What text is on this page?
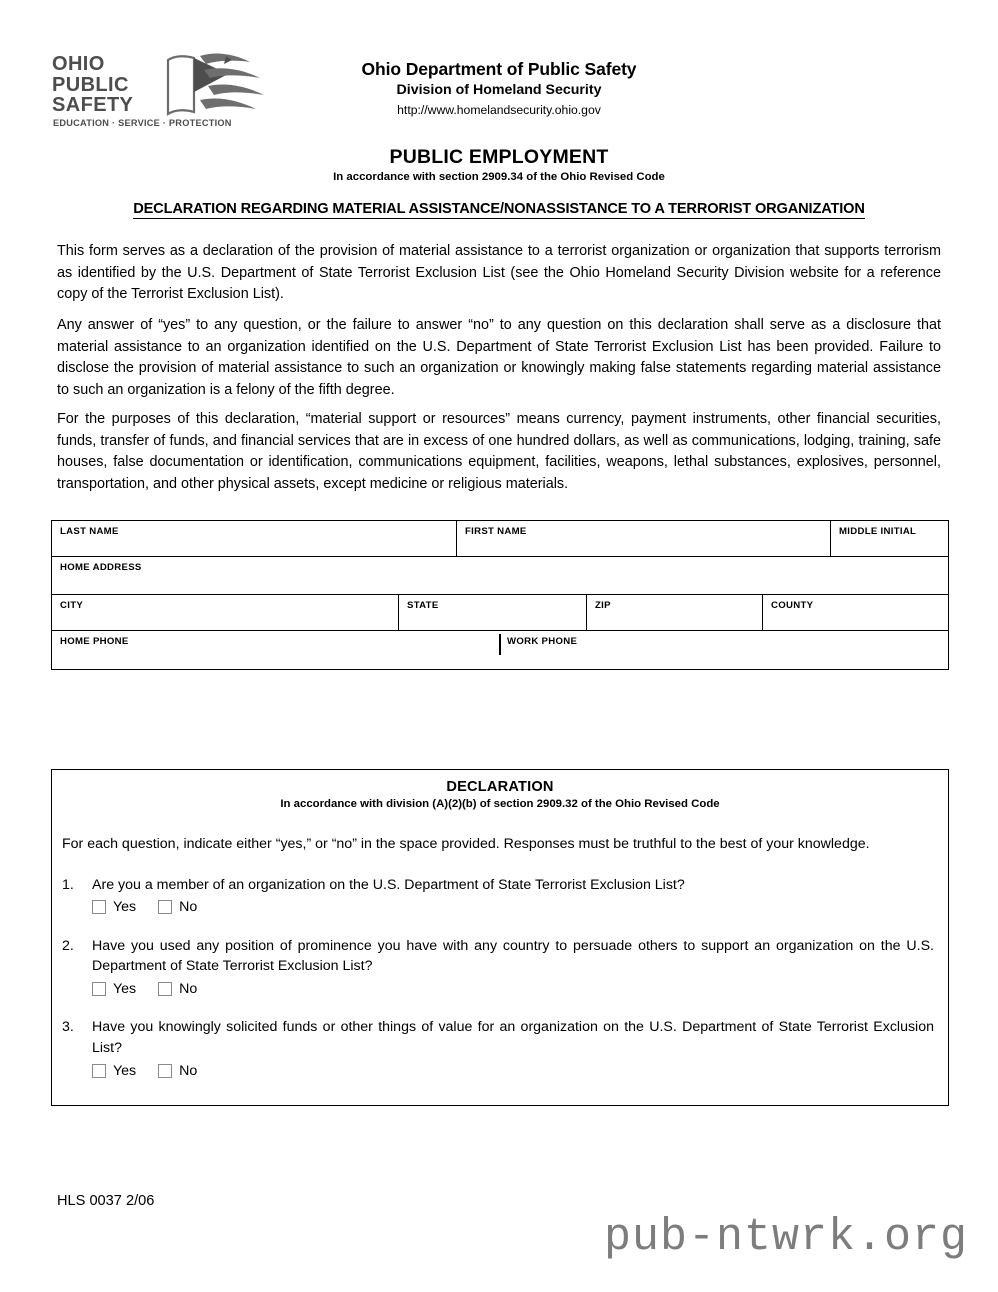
OHIO
PUBLIC
SAFETY
EDUCATION · SERVICE · PROTECTION
Ohio Department of Public Safety
Division of Homeland Security
http://www.homelandsecurity.ohio.gov
PUBLIC EMPLOYMENT
In accordance with section 2909.34 of the Ohio Revised Code
DECLARATION REGARDING MATERIAL ASSISTANCE/NONASSISTANCE TO A TERRORIST ORGANIZATION
This form serves as a declaration of the provision of material assistance to a terrorist organization or organization that supports terrorism as identified by the U.S. Department of State Terrorist Exclusion List (see the Ohio Homeland Security Division website for a reference copy of the Terrorist Exclusion List).
Any answer of “yes” to any question, or the failure to answer “no” to any question on this declaration shall serve as a disclosure that material assistance to an organization identified on the U.S. Department of State Terrorist Exclusion List has been provided. Failure to disclose the provision of material assistance to such an organization or knowingly making false statements regarding material assistance to such an organization is a felony of the fifth degree.
For the purposes of this declaration, “material support or resources” means currency, payment instruments, other financial securities, funds, transfer of funds, and financial services that are in excess of one hundred dollars, as well as communications, lodging, training, safe houses, false documentation or identification, communications equipment, facilities, weapons, lethal substances, explosives, personnel, transportation, and other physical assets, except medicine or religious materials.
LAST NAME	FIRST NAME	MIDDLE INITIAL
HOME ADDRESS
CITY	STATE	ZIP	COUNTY
HOME PHONE	WORK PHONE
DECLARATION
In accordance with division (A)(2)(b) of section 2909.32 of the Ohio Revised Code
For each question, indicate either “yes,” or “no” in the space provided. Responses must be truthful to the best of your knowledge.
1.	Are you a member of an organization on the U.S. Department of State Terrorist Exclusion List?
Yes	No
2.	Have you used any position of prominence you have with any country to persuade others to support an organization on the U.S. Department of State Terrorist Exclusion List?
Yes	No
3.	Have you knowingly solicited funds or other things of value for an organization on the U.S. Department of State Terrorist Exclusion List?
Yes	No
HLS 0037 2/06
pub-ntwrk.org
